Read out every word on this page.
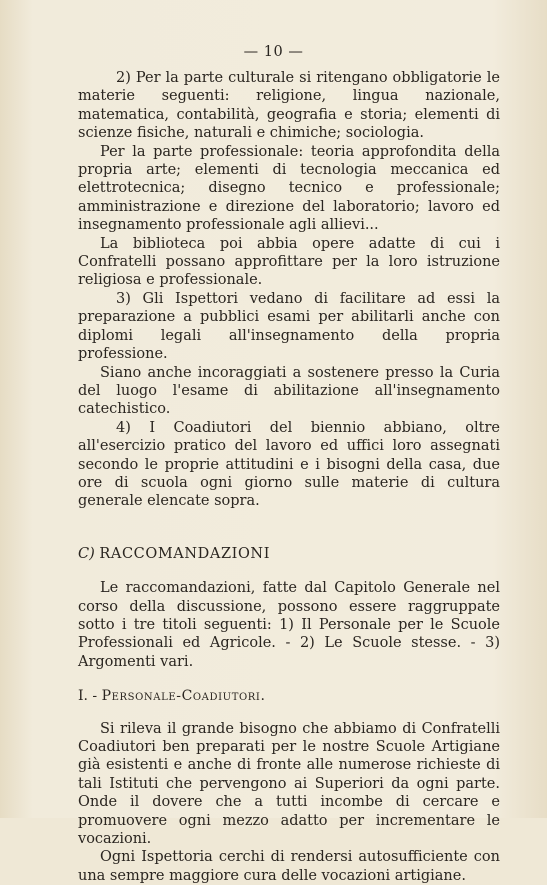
— 10 —

2) Per la parte culturale si ritengano obbligatorie le materie seguenti: religione, lingua nazionale, matematica, contabilità, geografia e storia; elementi di scienze fisiche, naturali e chimiche; sociologia.

Per la parte professionale: teoria approfondita della propria arte; elementi di tecnologia meccanica ed elettrotecnica; disegno tecnico e professionale; amministrazione e direzione del laboratorio; lavoro ed insegnamento professionale agli allievi...

La biblioteca poi abbia opere adatte di cui i Confratelli possano approfittare per la loro istruzione religiosa e professionale.

3) Gli Ispettori vedano di facilitare ad essi la preparazione a pubblici esami per abilitarli anche con diplomi legali all'insegnamento della propria professione.

Siano anche incoraggiati a sostenere presso la Curia del luogo l'esame di abilitazione all'insegnamento catechistico.

4) I Coadiutori del biennio abbiano, oltre all'esercizio pratico del lavoro ed uffici loro assegnati secondo le proprie attitudini e i bisogni della casa, due ore di scuola ogni giorno sulle materie di cultura generale elencate sopra.

C) RACCOMANDAZIONI

Le raccomandazioni, fatte dal Capitolo Generale nel corso della discussione, possono essere raggruppate sotto i tre titoli seguenti: 1) Il Personale per le Scuole Professionali ed Agricole. - 2) Le Scuole stesse. - 3) Argomenti vari.

I. - Personale-Coadiutori.

Si rileva il grande bisogno che abbiamo di Confratelli Coadiutori ben preparati per le nostre Scuole Artigiane già esistenti e anche di fronte alle numerose richieste di tali Istituti che pervengono ai Superiori da ogni parte. Onde il dovere che a tutti incombe di cercare e promuovere ogni mezzo adatto per incrementare le vocazioni.

Ogni Ispettoria cerchi di rendersi autosufficiente con una sempre maggiore cura delle vocazioni artigiane.
